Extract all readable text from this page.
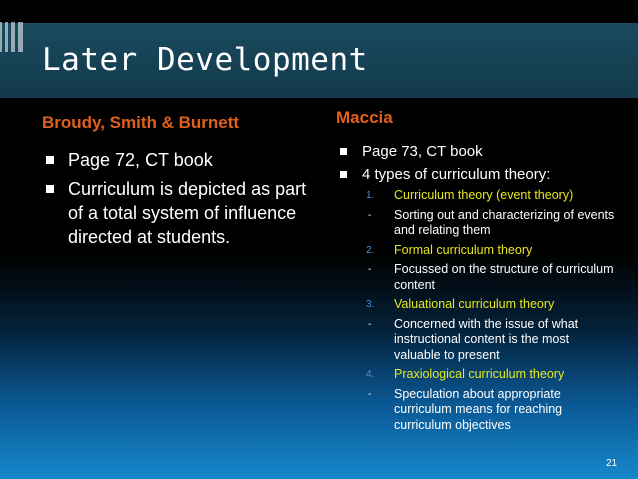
Later Development
Broudy, Smith & Burnett
Page 72, CT book
Curriculum is depicted as part of a total system of influence directed at students.
Maccia
Page 73, CT book
4 types of curriculum theory:
1. Curriculum theory (event theory)
- Sorting out and characterizing of events and relating them
2. Formal curriculum theory
- Focussed on the structure of curriculum content
3. Valuational curriculum theory
- Concerned with the issue of what instructional content is the most valuable to present
4. Praxiological curriculum theory
- Speculation about appropriate curriculum means for reaching curriculum objectives
21
